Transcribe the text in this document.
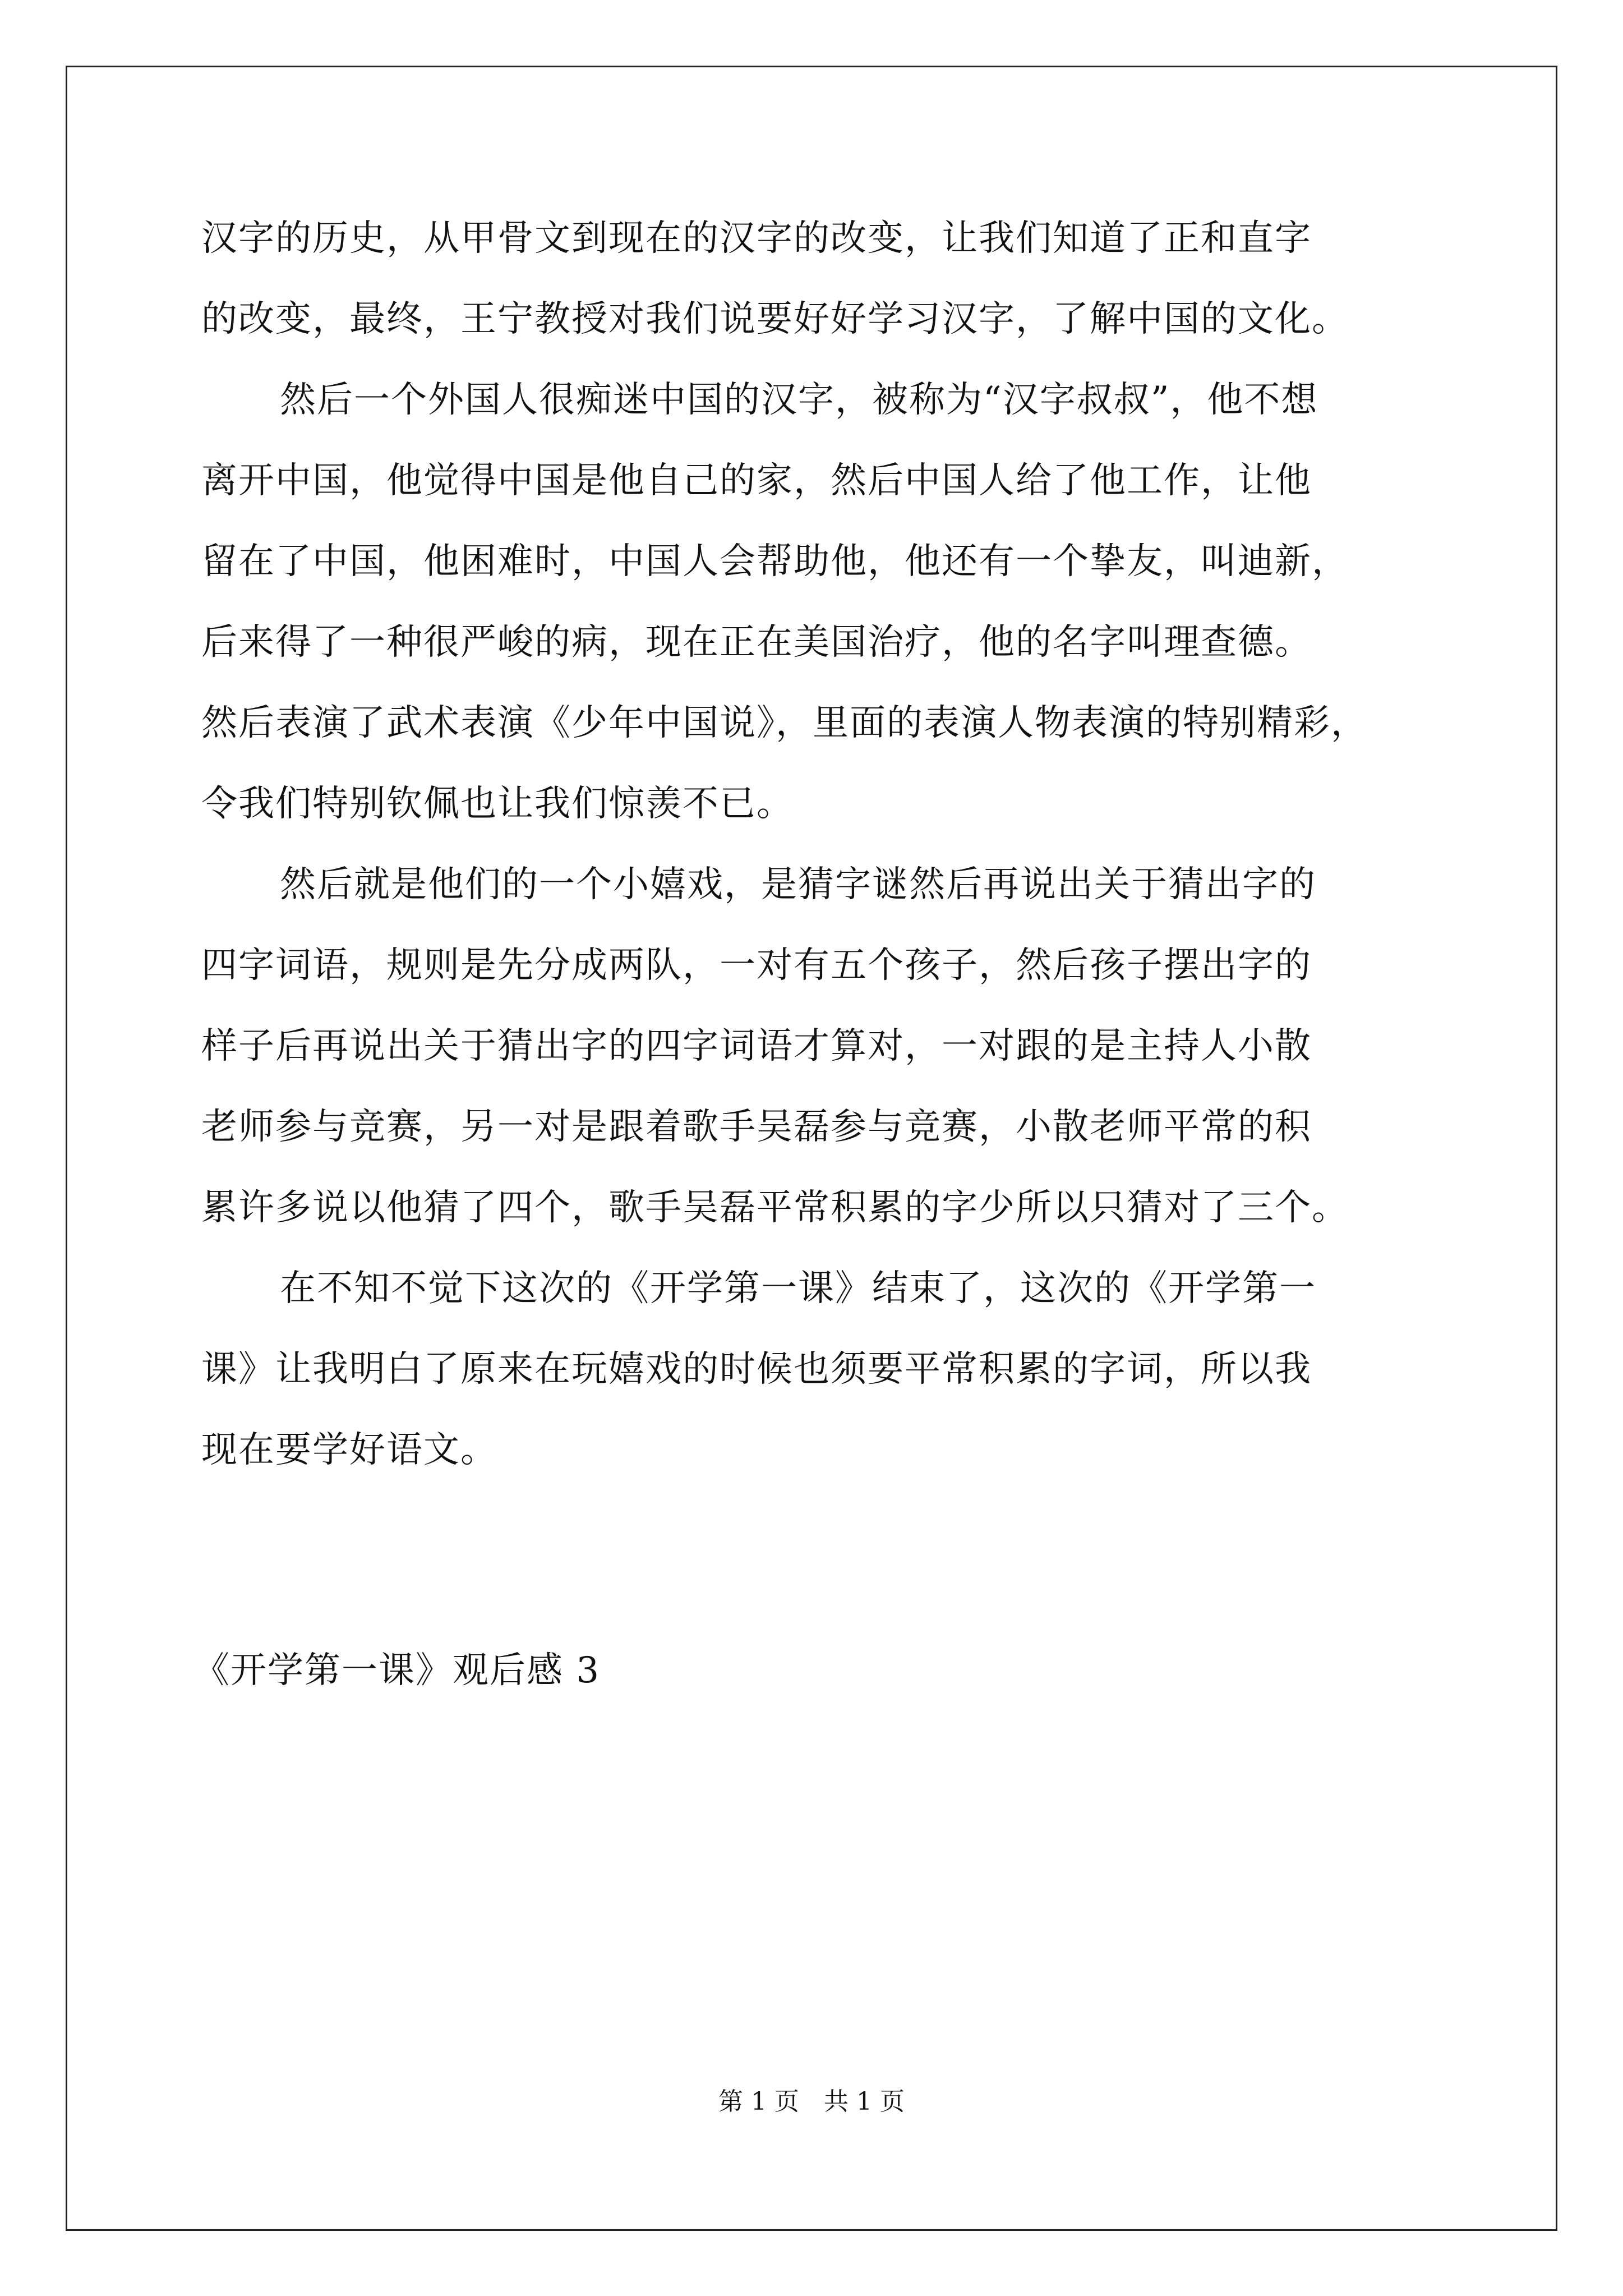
汉字的历史，从甲骨文到现在的汉字的改变，让我们知道了正和直字
的改变，最终，王宁教授对我们说要好好学习汉字，了解中国的文化。
然后一个外国人很痴迷中国的汉字，被称为“汉字叔叔”，他不想
离开中国，他觉得中国是他自己的家，然后中国人给了他工作，让他
留在了中国，他困难时，中国人会帮助他，他还有一个挚友，叫迪新，
后来得了一种很严峻的病，现在正在美国治疗，他的名字叫理查德。
然后表演了武术表演《少年中国说》，里面的表演人物表演的特别精彩，
令我们特别钦佩也让我们惊羡不已。
然后就是他们的一个小嬉戏，是猜字谜然后再说出关于猜出字的
四字词语，规则是先分成两队，一对有五个孩子，然后孩子摆出字的
样子后再说出关于猜出字的四字词语才算对，一对跟的是主持人小散
老师参与竞赛，另一对是跟着歌手吴磊参与竞赛，小散老师平常的积
累许多说以他猜了四个，歌手吴磊平常积累的字少所以只猜对了三个。
在不知不觉下这次的《开学第一课》结束了，这次的《开学第一
课》让我明白了原来在玩嬉戏的时候也须要平常积累的字词，所以我
现在要学好语文。
《开学第一课》观后感 3
第 1 页　共 1 页
